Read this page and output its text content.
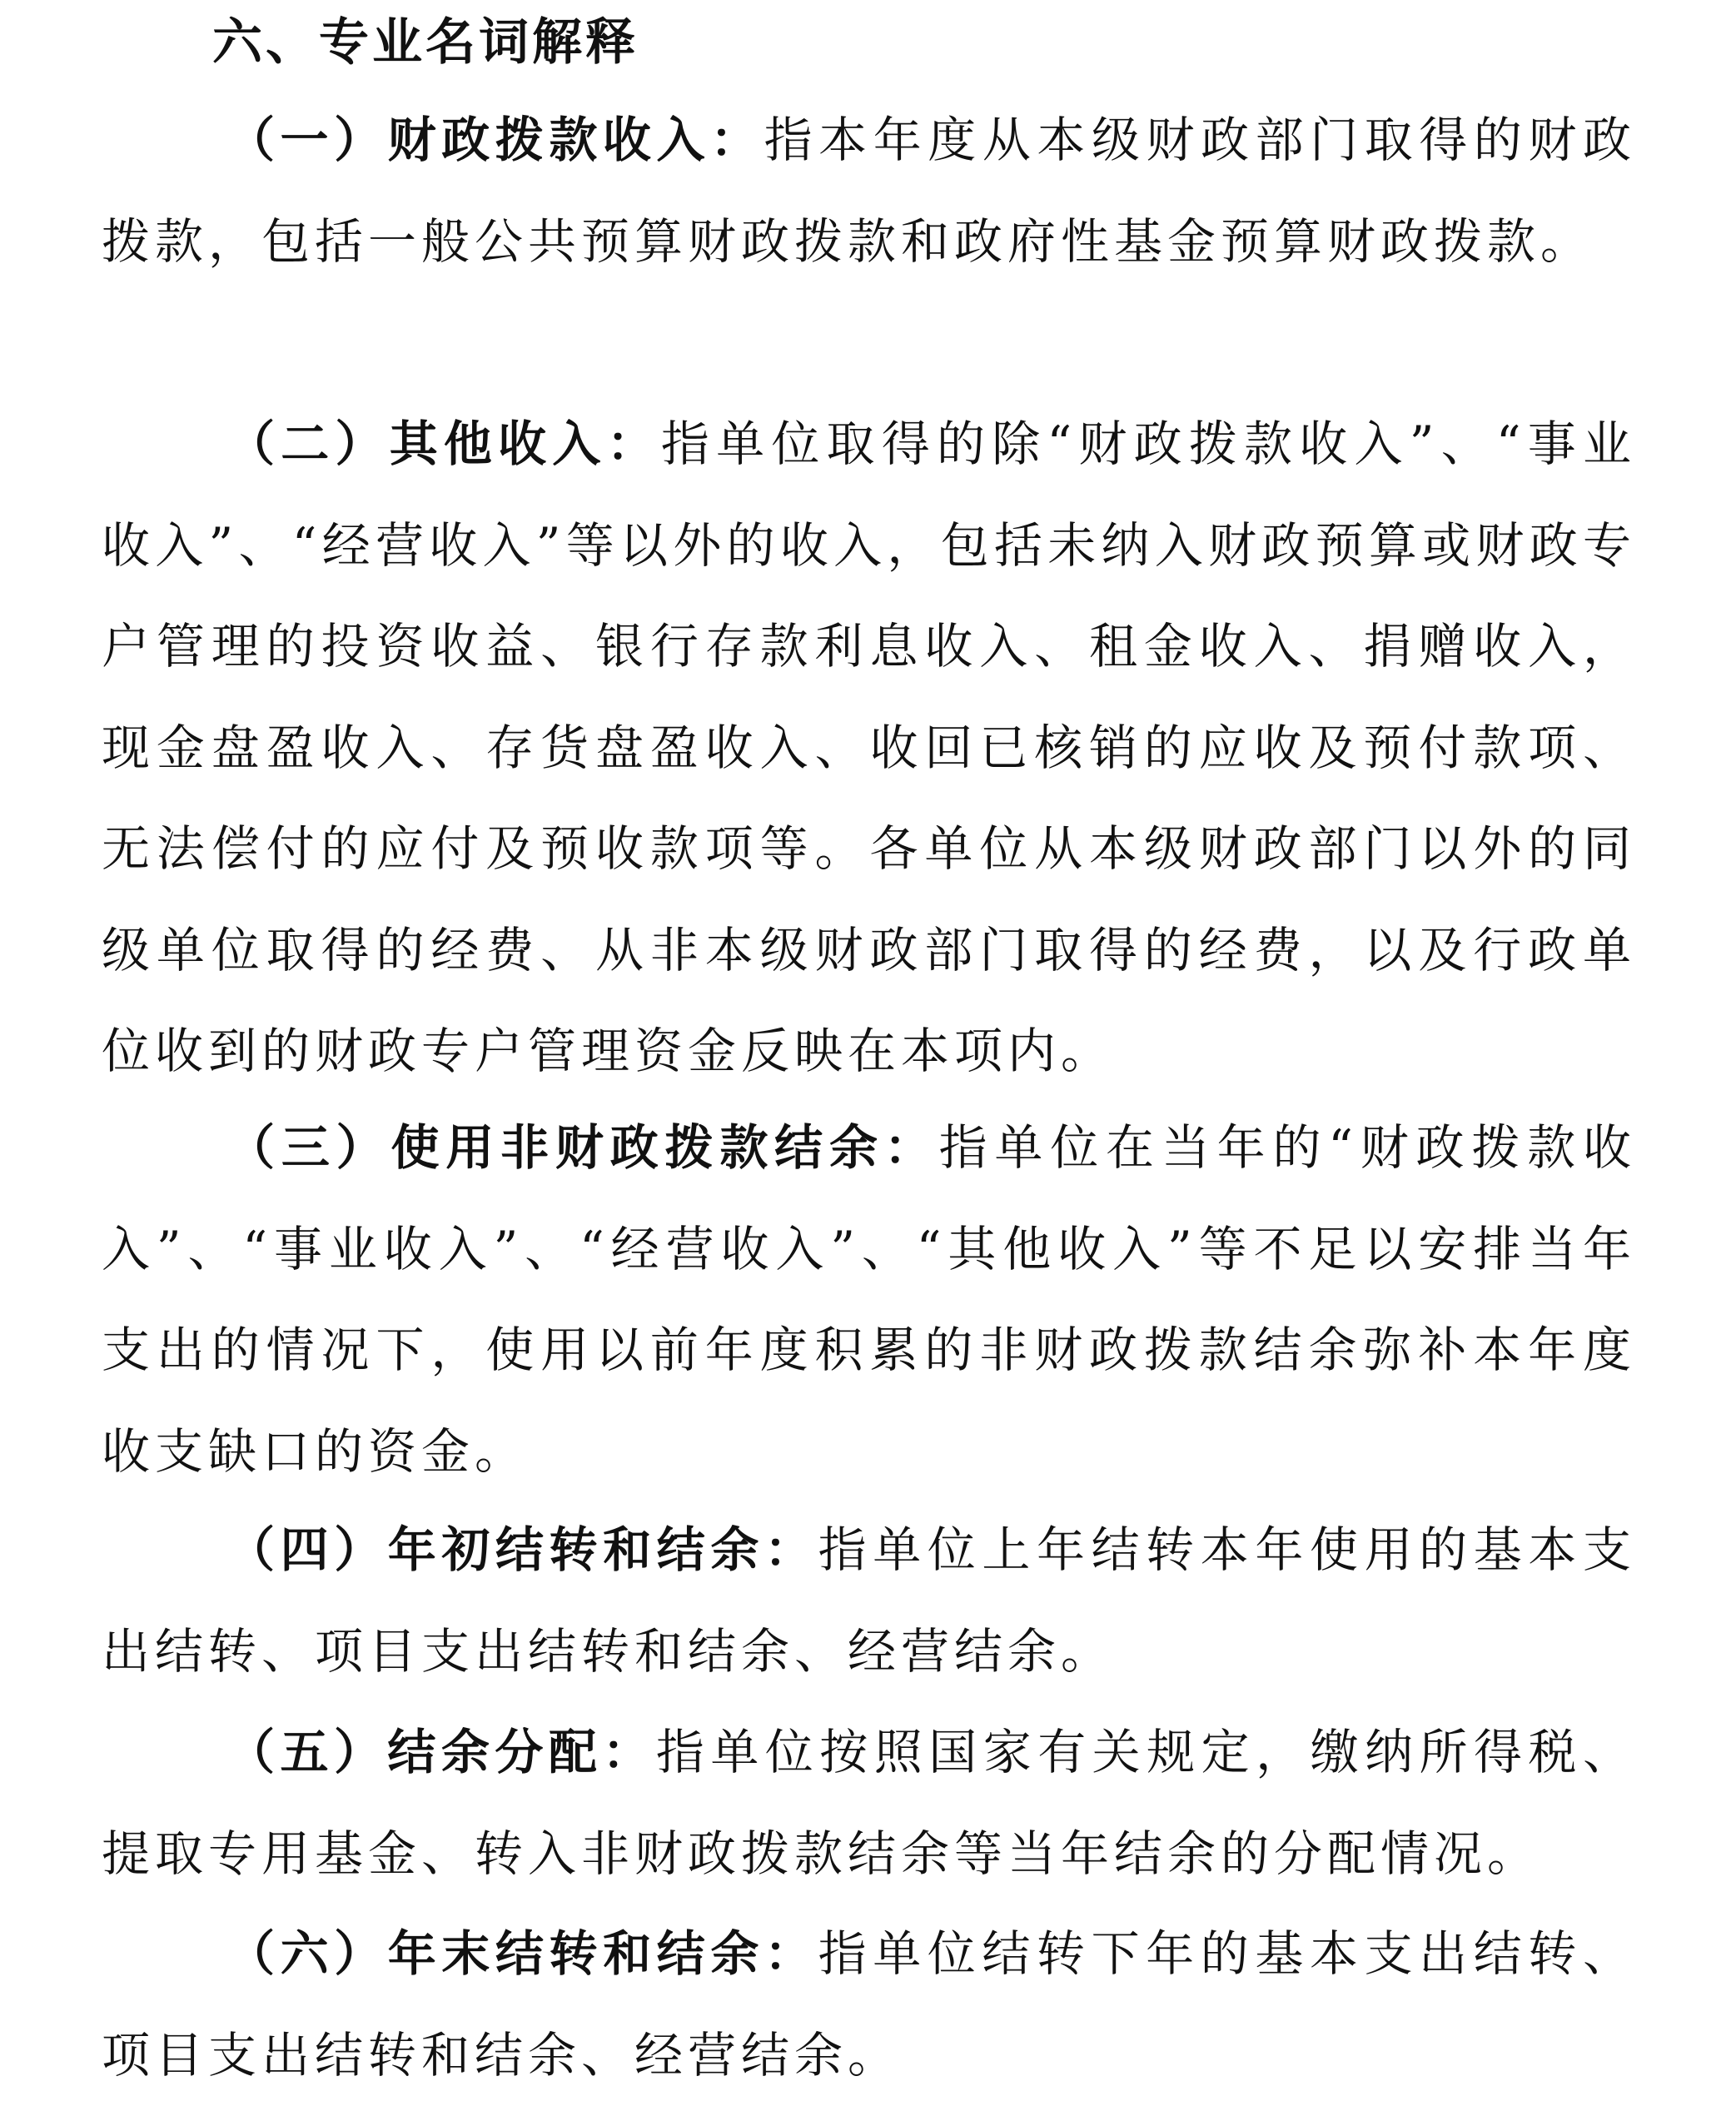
六、专业名词解释

（一）财政拨款收入：指本年度从本级财政部门取得的财政拨款，包括一般公共预算财政拨款和政府性基金预算财政拨款。

（二）其他收入：指单位取得的除“财政拨款收入”、“事业收入”、“经营收入”等以外的收入，包括未纳入财政预算或财政专户管理的投资收益、银行存款利息收入、租金收入、捐赠收入，现金盘盈收入、存货盘盈收入、收回已核销的应收及预付款项、无法偿付的应付及预收款项等。各单位从本级财政部门以外的同级单位取得的经费、从非本级财政部门取得的经费，以及行政单位收到的财政专户管理资金反映在本项内。

（三）使用非财政拨款结余：指单位在当年的“财政拨款收入”、“事业收入”、“经营收入”、“其他收入”等不足以安排当年支出的情况下，使用以前年度积累的非财政拨款结余弥补本年度收支缺口的资金。

（四）年初结转和结余：指单位上年结转本年使用的基本支出结转、项目支出结转和结余、经营结余。

（五）结余分配：指单位按照国家有关规定，缴纳所得税、提取专用基金、转入非财政拨款结余等当年结余的分配情况。

（六）年末结转和结余：指单位结转下年的基本支出结转、项目支出结转和结余、经营结余。
